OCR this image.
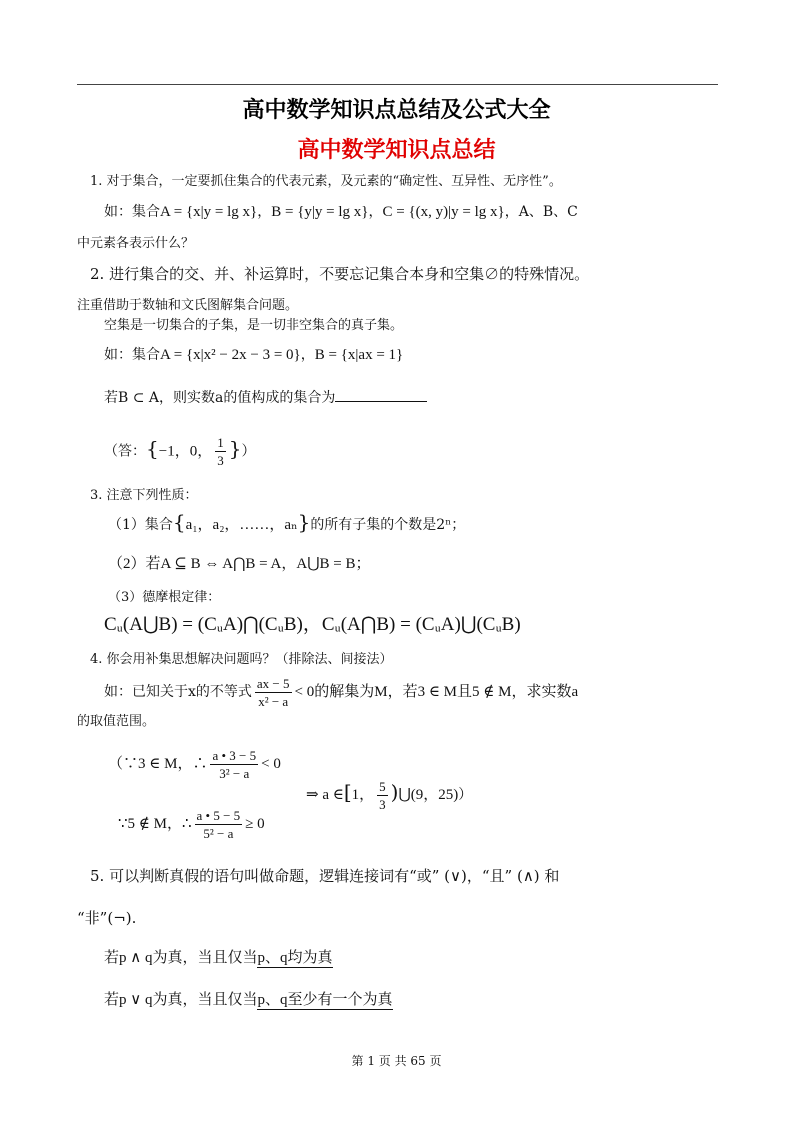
高中数学知识点总结及公式大全
高中数学知识点总结
1. 对于集合，一定要抓住集合的代表元素，及元素的“确定性、互异性、无序性”。
如：集合A = {x|y = lg x}，B = {y|y = lg x}，C = {(x, y)|y = lg x}，A、B、C
中元素各表示什么？
2. 进行集合的交、并、补运算时，不要忘记集合本身和空集∅的特殊情况。
注重借助于数轴和文氏图解集合问题。
空集是一切集合的子集，是一切非空集合的真子集。
如：集合A = {x|x² − 2x − 3 = 0}，B = {x|ax = 1}
若B ⊂ A，则实数a的值构成的集合为
（答：{−1，0， $\frac{1}{3}$ }）
3. 注意下列性质：
（1）集合{a₁，a₂，……，aₙ}的所有子集的个数是2ⁿ；
（2）若A ⊆ B ⇔ A⋂B = A，A⋃B = B；
（3）德摩根定律：
Cᵤ(A⋃B) = (CᵤA)⋂(CᵤB)，Cᵤ(A⋂B) = (CᵤA)⋃(CᵤB)
4. 你会用补集思想解决问题吗？（排除法、间接法）
如：已知关于x的不等式 $\frac{ax - 5}{\text{x² − a}} < 0$的解集为M，若3 ∈ M且5 ∉ M，求实数a
的取值范围。
（∵3 ∈ M，∴ $\frac{a • 3 - 5}{\text{3² − a}} < 0$
∵5 ∉ M，∴ $\frac{a • 5 - 5}{\text{5² − a}} \ge 0$
⇒ a ∈[1， $\frac{5}{3}$ )⋃(9，25)）
5. 可以判断真假的语句叫做命题，逻辑连接词有“或” (∨)，“且” (∧) 和
“非”(¬).
若p ∧ q为真，当且仅当p、q均为真
若p ∨ q为真，当且仅当p、q至少有一个为真
第 1 页 共 65 页
